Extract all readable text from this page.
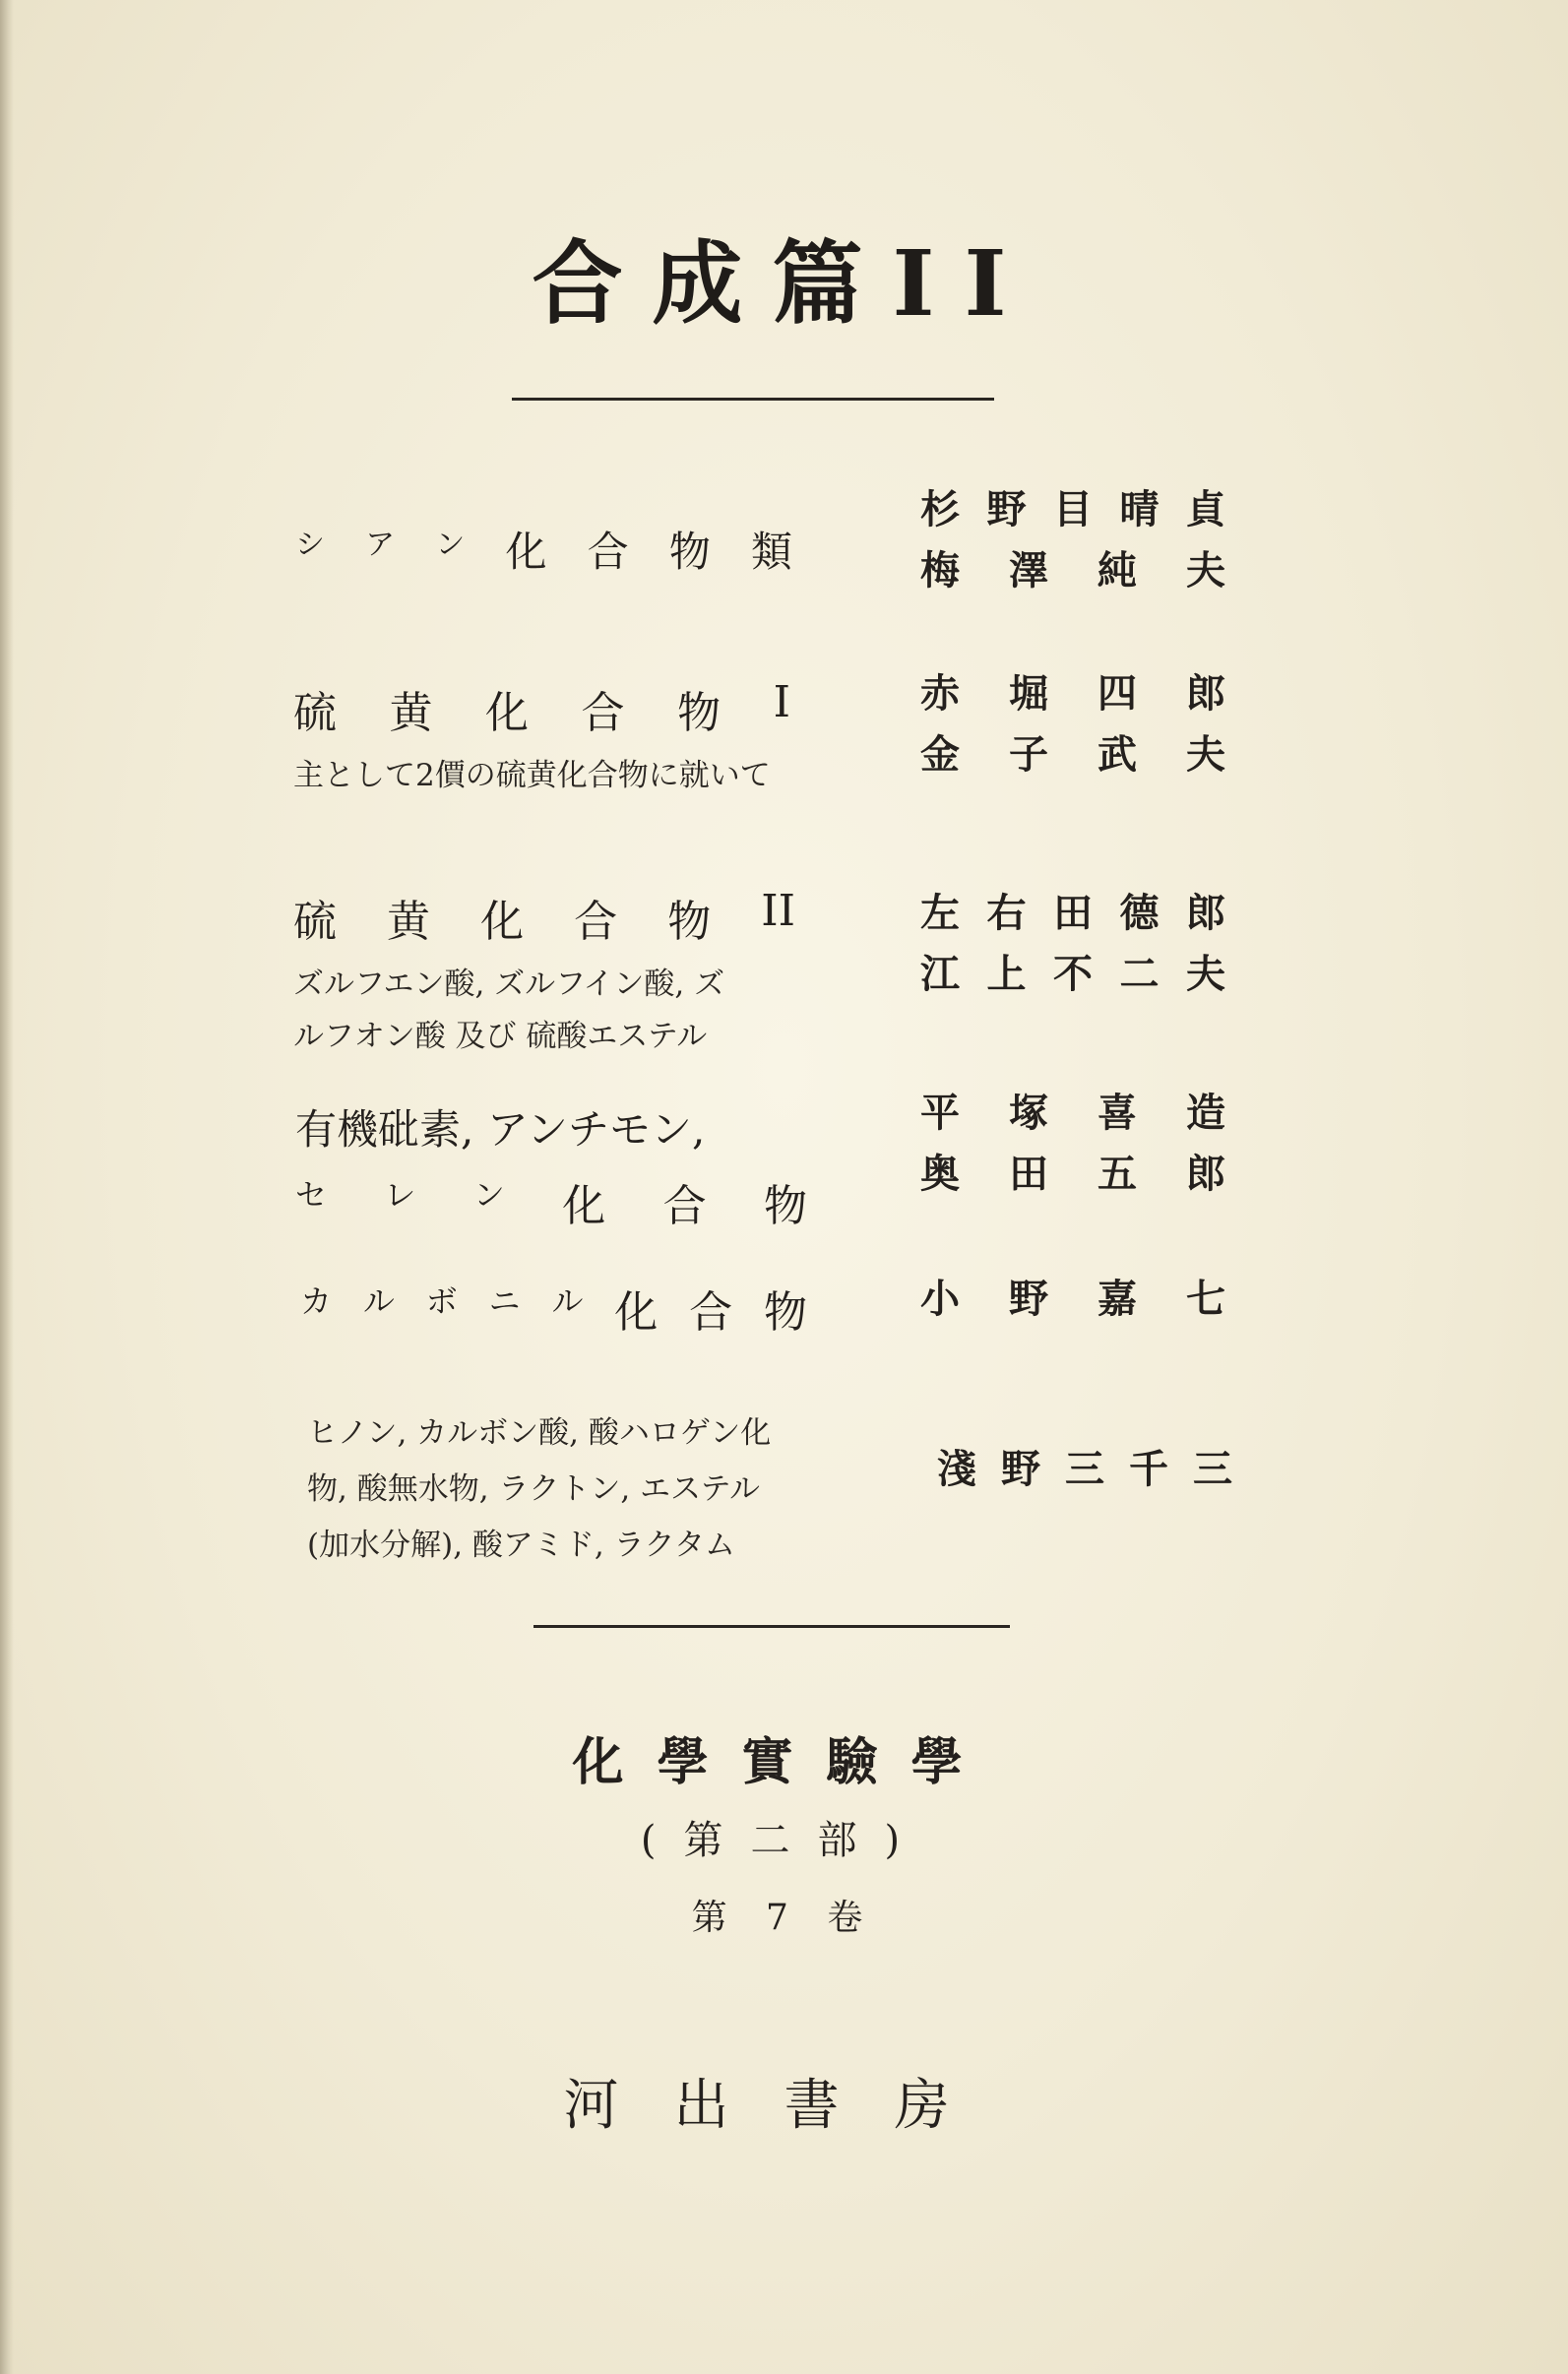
合成篇II
シ ア ン 化 合 物 類
杉 野 目 晴 貞
梅 澤 純 夫
硫 黄 化 合 物 I
主として2價の硫黄化合物に就いて
赤 堀 四 郎
金 子 武 夫
硫 黄 化 合 物 II
ズルフエン酸, ズルフイン酸, ズ
ルフオン酸 及び 硫酸エステル
左 右 田 德 郎
江 上 不 二 夫
有機砒素, アンチモン,
セ レ ン 化 合 物
平 塚 喜 造
奥 田 五 郎
カ ル ボ ニ ル 化 合 物	小 野 嘉 七
ヒノン, カルボン酸, 酸ハロゲン化
物, 酸無水物, ラクトン, エステル
(加水分解), 酸アミド, ラクタム
淺 野 三 千 三
化學實驗學
(第二部)
第 7 卷
河出書房
